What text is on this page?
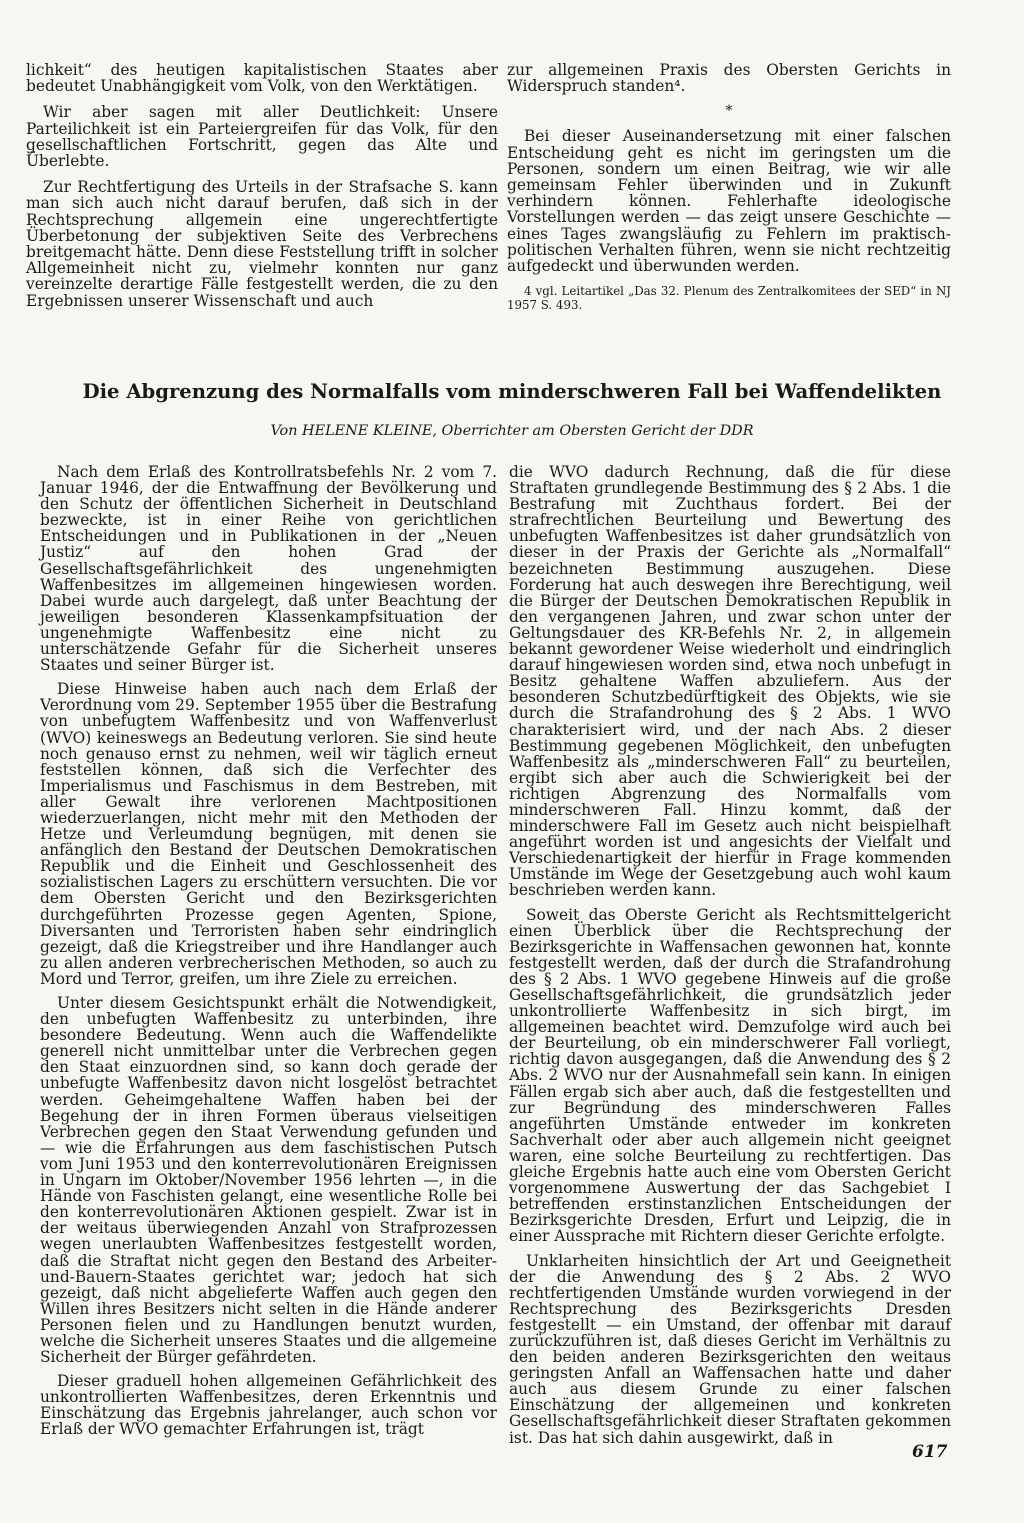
lichkeit“ des heutigen kapitalistischen Staates aber bedeutet Unabhängigkeit vom Volk, von den Werktätigen.

Wir aber sagen mit aller Deutlichkeit: Unsere Parteilichkeit ist ein Parteiergreifen für das Volk, für den gesellschaftlichen Fortschritt, gegen das Alte und Überlebte.

Zur Rechtfertigung des Urteils in der Strafsache S. kann man sich auch nicht darauf berufen, daß sich in der Rechtsprechung allgemein eine ungerechtfertigte Überbetonung der subjektiven Seite des Verbrechens breitgemacht hätte. Denn diese Feststellung trifft in solcher Allgemeinheit nicht zu, vielmehr konnten nur ganz vereinzelte derartige Fälle festgestellt werden, die zu den Ergebnissen unserer Wissenschaft und auch

zur allgemeinen Praxis des Obersten Gerichts in Widerspruch standen⁴.

*

Bei dieser Auseinandersetzung mit einer falschen Entscheidung geht es nicht im geringsten um die Personen, sondern um einen Beitrag, wie wir alle gemeinsam Fehler überwinden und in Zukunft verhindern können. Fehlerhafte ideologische Vorstellungen werden — das zeigt unsere Geschichte — eines Tages zwangsläufig zu Fehlern im praktisch-politischen Verhalten führen, wenn sie nicht rechtzeitig aufgedeckt und überwunden werden.

4 vgl. Leitartikel „Das 32. Plenum des Zentralkomitees der SED“ in NJ 1957 S. 493.
Die Abgrenzung des Normalfalls vom minderschweren Fall bei Waffendelikten
Von HELENE KLEINE, Oberrichter am Obersten Gericht der DDR

Nach dem Erlaß des Kontrollratsbefehls Nr. 2 vom 7. Januar 1946, der die Entwaffnung der Bevölkerung und den Schutz der öffentlichen Sicherheit in Deutschland bezweckte, ist in einer Reihe von gerichtlichen Entscheidungen und in Publikationen in der „Neuen Justiz“ auf den hohen Grad der Gesellschaftsgefährlichkeit des ungenehmigten Waffenbesitzes im allgemeinen hingewiesen worden. Dabei wurde auch dargelegt, daß unter Beachtung der jeweiligen besonderen Klassenkampfsituation der ungenehmigte Waffenbesitz eine nicht zu unterschätzende Gefahr für die Sicherheit unseres Staates und seiner Bürger ist.

Diese Hinweise haben auch nach dem Erlaß der Verordnung vom 29. September 1955 über die Bestrafung von unbefugtem Waffenbesitz und von Waffenverlust (WVO) keineswegs an Bedeutung verloren. Sie sind heute noch genauso ernst zu nehmen, weil wir täglich erneut feststellen können, daß sich die Verfechter des Imperialismus und Faschismus in dem Bestreben, mit aller Gewalt ihre verlorenen Machtpositionen wiederzuerlangen, nicht mehr mit den Methoden der Hetze und Verleumdung begnügen, mit denen sie anfänglich den Bestand der Deutschen Demokratischen Republik und die Einheit und Geschlossenheit des sozialistischen Lagers zu erschüttern versuchten. Die vor dem Obersten Gericht und den Bezirksgerichten durchgeführten Prozesse gegen Agenten, Spione, Diversanten und Terroristen haben sehr eindringlich gezeigt, daß die Kriegstreiber und ihre Handlanger auch zu allen anderen verbrecherischen Methoden, so auch zu Mord und Terror, greifen, um ihre Ziele zu erreichen.

Unter diesem Gesichtspunkt erhält die Notwendigkeit, den unbefugten Waffenbesitz zu unterbinden, ihre besondere Bedeutung. Wenn auch die Waffendelikte generell nicht unmittelbar unter die Verbrechen gegen den Staat einzuordnen sind, so kann doch gerade der unbefugte Waffenbesitz davon nicht losgelöst betrachtet werden. Geheimgehaltene Waffen haben bei der Begehung der in ihren Formen überaus vielseitigen Verbrechen gegen den Staat Verwendung gefunden und — wie die Erfahrungen aus dem faschistischen Putsch vom Juni 1953 und den konterrevolutionären Ereignissen in Ungarn im Oktober/November 1956 lehrten —, in die Hände von Faschisten gelangt, eine wesentliche Rolle bei den konterrevolutionären Aktionen gespielt. Zwar ist in der weitaus überwiegenden Anzahl von Strafprozessen wegen unerlaubten Waffenbesitzes festgestellt worden, daß die Straftat nicht gegen den Bestand des Arbeiter-und-Bauern-Staates gerichtet war; jedoch hat sich gezeigt, daß nicht abgelieferte Waffen auch gegen den Willen ihres Besitzers nicht selten in die Hände anderer Personen fielen und zu Handlungen benutzt wurden, welche die Sicherheit unseres Staates und die allgemeine Sicherheit der Bürger gefährdeten.

Dieser graduell hohen allgemeinen Gefährlichkeit des unkontrollierten Waffenbesitzes, deren Erkenntnis und Einschätzung das Ergebnis jahrelanger, auch schon vor Erlaß der WVO gemachter Erfahrungen ist, trägt

die WVO dadurch Rechnung, daß die für diese Straftaten grundlegende Bestimmung des § 2 Abs. 1 die Bestrafung mit Zuchthaus fordert. Bei der strafrechtlichen Beurteilung und Bewertung des unbefugten Waffenbesitzes ist daher grundsätzlich von dieser in der Praxis der Gerichte als „Normalfall“ bezeichneten Bestimmung auszugehen. Diese Forderung hat auch deswegen ihre Berechtigung, weil die Bürger der Deutschen Demokratischen Republik in den vergangenen Jahren, und zwar schon unter der Geltungsdauer des KR-Befehls Nr. 2, in allgemein bekannt gewordener Weise wiederholt und eindringlich darauf hingewiesen worden sind, etwa noch unbefugt in Besitz gehaltene Waffen abzuliefern. Aus der besonderen Schutzbedürftigkeit des Objekts, wie sie durch die Strafandrohung des § 2 Abs. 1 WVO charakterisiert wird, und der nach Abs. 2 dieser Bestimmung gegebenen Möglichkeit, den unbefugten Waffenbesitz als „minderschweren Fall“ zu beurteilen, ergibt sich aber auch die Schwierigkeit bei der richtigen Abgrenzung des Normalfalls vom minderschweren Fall. Hinzu kommt, daß der minderschwere Fall im Gesetz auch nicht beispielhaft angeführt worden ist und angesichts der Vielfalt und Verschiedenartigkeit der hierfür in Frage kommenden Umstände im Wege der Gesetzgebung auch wohl kaum beschrieben werden kann.

Soweit das Oberste Gericht als Rechtsmittelgericht einen Überblick über die Rechtsprechung der Bezirksgerichte in Waffensachen gewonnen hat, konnte festgestellt werden, daß der durch die Strafandrohung des § 2 Abs. 1 WVO gegebene Hinweis auf die große Gesellschaftsgefährlichkeit, die grundsätzlich jeder unkontrollierte Waffenbesitz in sich birgt, im allgemeinen beachtet wird. Demzufolge wird auch bei der Beurteilung, ob ein minderschwerer Fall vorliegt, richtig davon ausgegangen, daß die Anwendung des § 2 Abs. 2 WVO nur der Ausnahmefall sein kann. In einigen Fällen ergab sich aber auch, daß die festgestellten und zur Begründung des minderschweren Falles angeführten Umstände entweder im konkreten Sachverhalt oder aber auch allgemein nicht geeignet waren, eine solche Beurteilung zu rechtfertigen. Das gleiche Ergebnis hatte auch eine vom Obersten Gericht vorgenommene Auswertung der das Sachgebiet I betreffenden erstinstanzlichen Entscheidungen der Bezirksgerichte Dresden, Erfurt und Leipzig, die in einer Aussprache mit Richtern dieser Gerichte erfolgte.

Unklarheiten hinsichtlich der Art und Geeignetheit der die Anwendung des § 2 Abs. 2 WVO rechtfertigenden Umstände wurden vorwiegend in der Rechtsprechung des Bezirksgerichts Dresden festgestellt — ein Umstand, der offenbar mit darauf zurückzuführen ist, daß dieses Gericht im Verhältnis zu den beiden anderen Bezirksgerichten den weitaus geringsten Anfall an Waffensachen hatte und daher auch aus diesem Grunde zu einer falschen Einschätzung der allgemeinen und konkreten Gesellschaftsgefährlichkeit dieser Straftaten gekommen ist. Das hat sich dahin ausgewirkt, daß in

617
